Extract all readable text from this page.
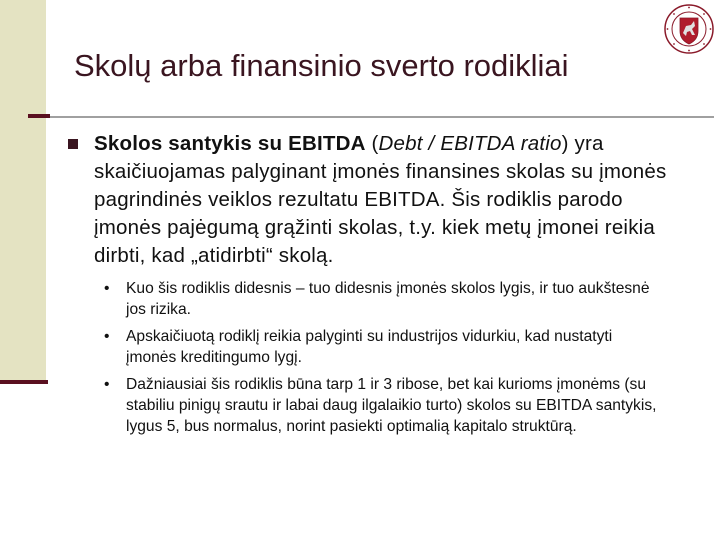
Skolų arba finansinio sverto rodikliai
Skolos santykis su EBITDA (Debt / EBITDA ratio) yra skaičiuojamas palyginant įmonės finansines skolas su įmonės pagrindinės veiklos rezultatu EBITDA. Šis rodiklis parodo įmonės pajėgumą grąžinti skolas, t.y. kiek metų įmonei reikia dirbti, kad „atidirbti“ skolą.
• Kuo šis rodiklis didesnis – tuo didesnis įmonės skolos lygis, ir tuo aukštesnė jos rizika.
• Apskaičiuotą rodiklį reikia palyginti su industrijos vidurkiu, kad nustatyti įmonės kreditingumo lygį.
• Dažniausiai šis rodiklis būna tarp 1 ir 3 ribose, bet kai kurioms įmonėms (su stabiliu pinigų srautu ir labai daug ilgalaikio turto) skolos su EBITDA santykis, lygus 5, bus normalus, norint pasiekti optimalią kapitalo struktūrą.
